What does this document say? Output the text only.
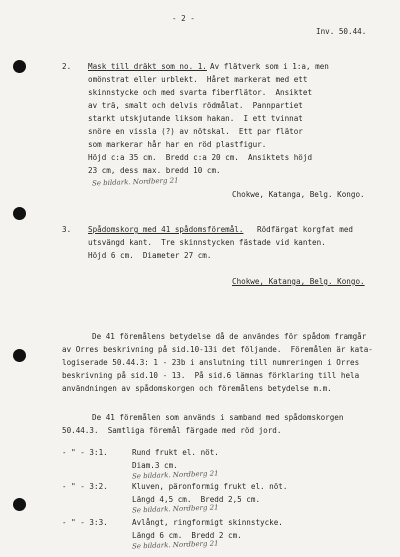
- 2 -
Inv. 50.44.
2. Mask till dräkt som no. 1. Av flätverk som i 1:a, men
omönstrat eller urblekt.  Håret markerat med ett
skinnstycke och med svarta fiberflätor.  Ansiktet
av trä, smalt och delvis rödmålat.  Pannpartiet
starkt utskjutande liksom hakan.  I ett tvinnat
snöre en vissla (?) av nötskal.  Ett par flätor
som markerar hår har en röd plastfigur.
Höjd c:a 35 cm.  Bredd c:a 20 cm.  Ansiktets höjd
23 cm, dess max. bredd 10 cm.
Se bildark. Nordberg 21
Chokwe, Katanga, Belg. Kongo.
3. Spådomskorg med 41 spådomsföremål. Rödfärgat korgfat med
utsvängd kant.  Tre skinnstycken fästade vid kanten.
Höjd 6 cm.  Diameter 27 cm.
Chokwe, Katanga, Belg. Kongo.
De 41 föremålens betydelse då de användes för spådom framgår
av Orres beskrivning på sid.10-13i det följande.  Föremålen är kata-
logiserade 50.44.3: 1 - 23b i anslutning till numreringen i Orres
beskrivning på sid.10 - 13.  På sid.6 lämnas förklaring till hela
användningen av spådomskorgen och föremålens betydelse m.m.
De 41 föremålen som används i samband med spådomskorgen
50.44.3.  Samtliga föremål färgade med röd jord.
- " - 3:1.	Rund frukt el. nöt.
Diam.3 cm.
Se bildark. Nordberg 21
- " - 3:2.	Kluven, päronformig frukt el. nöt.
Längd 4,5 cm.  Bredd 2,5 cm.
Se bildark. Nordberg 21
- " - 3:3.	Avlångt, ringformigt skinnstycke.
Längd 6 cm.  Bredd 2 cm.
Se bildark. Nordberg 21
